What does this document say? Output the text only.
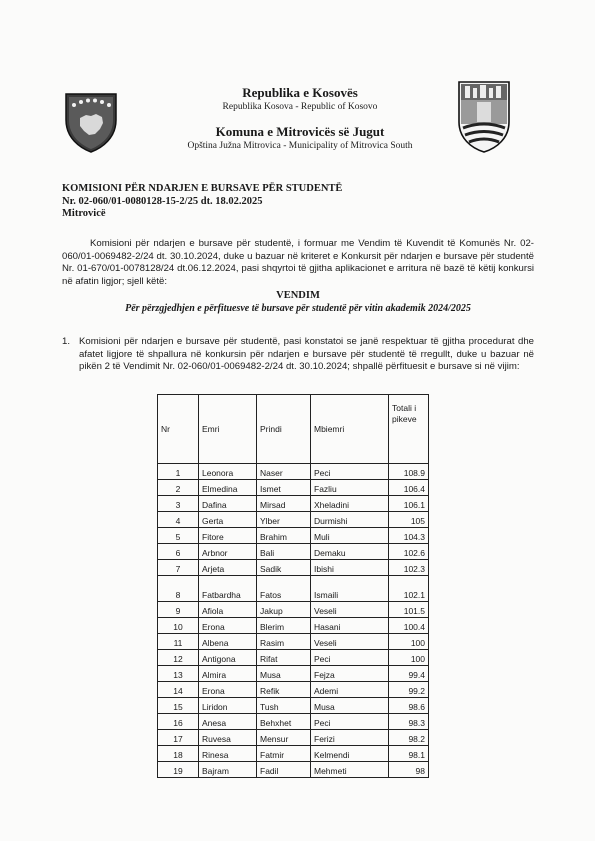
Republika e Kosovës
Republika Kosova - Republic of Kosovo
Komuna e Mitrovicës së Jugut
Opština Južna Mitrovica - Municipality of Mitrovica South
KOMISIONI PËR NDARJEN E BURSAVE PËR STUDENTË
Nr. 02-060/01-0080128-15-2/25 dt. 18.02.2025
Mitrovicë
Komisioni për ndarjen e bursave për studentë, i formuar me Vendim të Kuvendit të Komunës Nr. 02-060/01-0069482-2/24 dt. 30.10.2024, duke u bazuar në kriteret e Konkursit për ndarjen e bursave për studentë Nr. 01-670/01-0078128/24 dt.06.12.2024, pasi shqyrtoi të gjitha aplikacionet e arritura në bazë të këtij konkursi në afatin ligjor; sjell këtë:
VENDIM
Për përzgjedhjen e përfituesve të bursave për studentë për vitin akademik 2024/2025
1. Komisioni për ndarjen e bursave për studentë, pasi konstatoi se janë respektuar të gjitha procedurat dhe afatet ligjore të shpallura në konkursin për ndarjen e bursave për studentë të rregullt, duke u bazuar në pikën 2 të Vendimit Nr. 02-060/01-0069482-2/24 dt. 30.10.2024; shpallë përfituesit e bursave si në vijim:
Nr	Emri	Prindi	Mbiemri	Totali i pikeve
1	Leonora	Naser	Peci	108.9
2	Elmedina	Ismet	Fazliu	106.4
3	Dafina	Mirsad	Xheladini	106.1
4	Gerta	Ylber	Durmishi	105
5	Fitore	Brahim	Muli	104.3
6	Arbnor	Bali	Demaku	102.6
7	Arjeta	Sadik	Ibishi	102.3
8	Fatbardha	Fatos	Ismaili	102.1
9	Afiola	Jakup	Veseli	101.5
10	Erona	Blerim	Hasani	100.4
11	Albena	Rasim	Veseli	100
12	Antigona	Rifat	Peci	100
13	Almira	Musa	Fejza	99.4
14	Erona	Refik	Ademi	99.2
15	Liridon	Tush	Musa	98.6
16	Anesa	Behxhet	Peci	98.3
17	Ruvesa	Mensur	Ferizi	98.2
18	Rinesa	Fatmir	Kelmendi	98.1
19	Bajram	Fadil	Mehmeti	98
